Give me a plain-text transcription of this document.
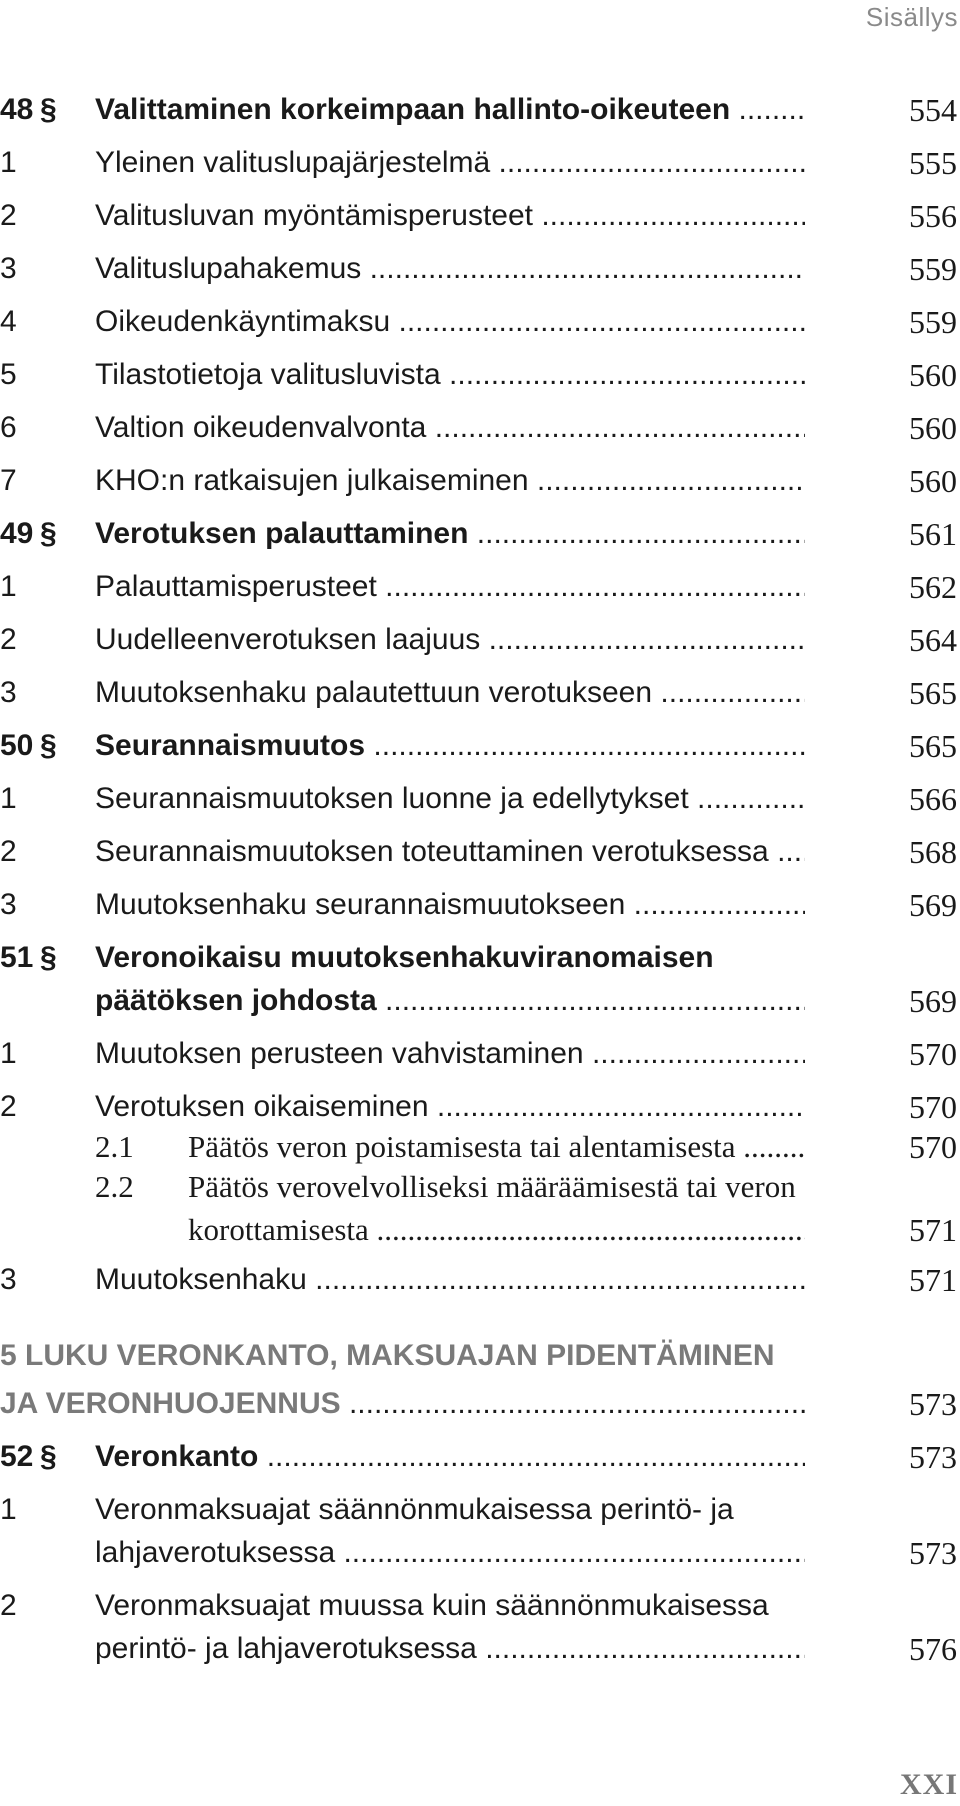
Sisällys
48 § Valittaminen korkeimpaan hallinto-oikeuteen .....	554
1	Yleinen valituslupajärjestelmä .....	555
2	Valitusluvan myöntämisperusteet .....	556
3	Valituslupahakemus .....	559
4	Oikeudenkäyntimaksu .....	559
5	Tilastotietoja valitusluvista .....	560
6	Valtion oikeudenvalvonta .....	560
7	KHO:n ratkaisujen julkaiseminen .....	560
49 § Verotuksen palauttaminen .....	561
1	Palauttamisperusteet .....	562
2	Uudelleenverotuksen laajuus .....	564
3	Muutoksenhaku palautettuun verotukseen .....	565
50 § Seurannaismuutos .....	565
1	Seurannaismuutoksen luonne ja edellytykset .....	566
2	Seurannaismuutoksen toteuttaminen verotuksessa .....	568
3	Muutoksenhaku seurannaismuutokseen .....	569
51 § Veronoikaisu muutoksenhakuviranomaisen
päätöksen johdosta .....	569
1	Muutoksen perusteen vahvistaminen .....	570
2	Verotuksen oikaiseminen .....	570
2.1 Päätös veron poistamisesta tai alentamisesta .....	570
2.2 Päätös verovelvolliseksi määräämisestä tai veron
korottamisesta .....	571
3	Muutoksenhaku .....	571
5 LUKU VERONKANTO, MAKSUAJAN PIDENTÄMINEN
JA VERONHUOJENNUS .....	573
52 § Veronkanto .....	573
1	Veronmaksuajat säännönmukaisessa perintö- ja
lahjaverotuksessa .....	573
2	Veronmaksuajat muussa kuin säännönmukaisessa
perintö- ja lahjaverotuksessa .....	576
XXI
